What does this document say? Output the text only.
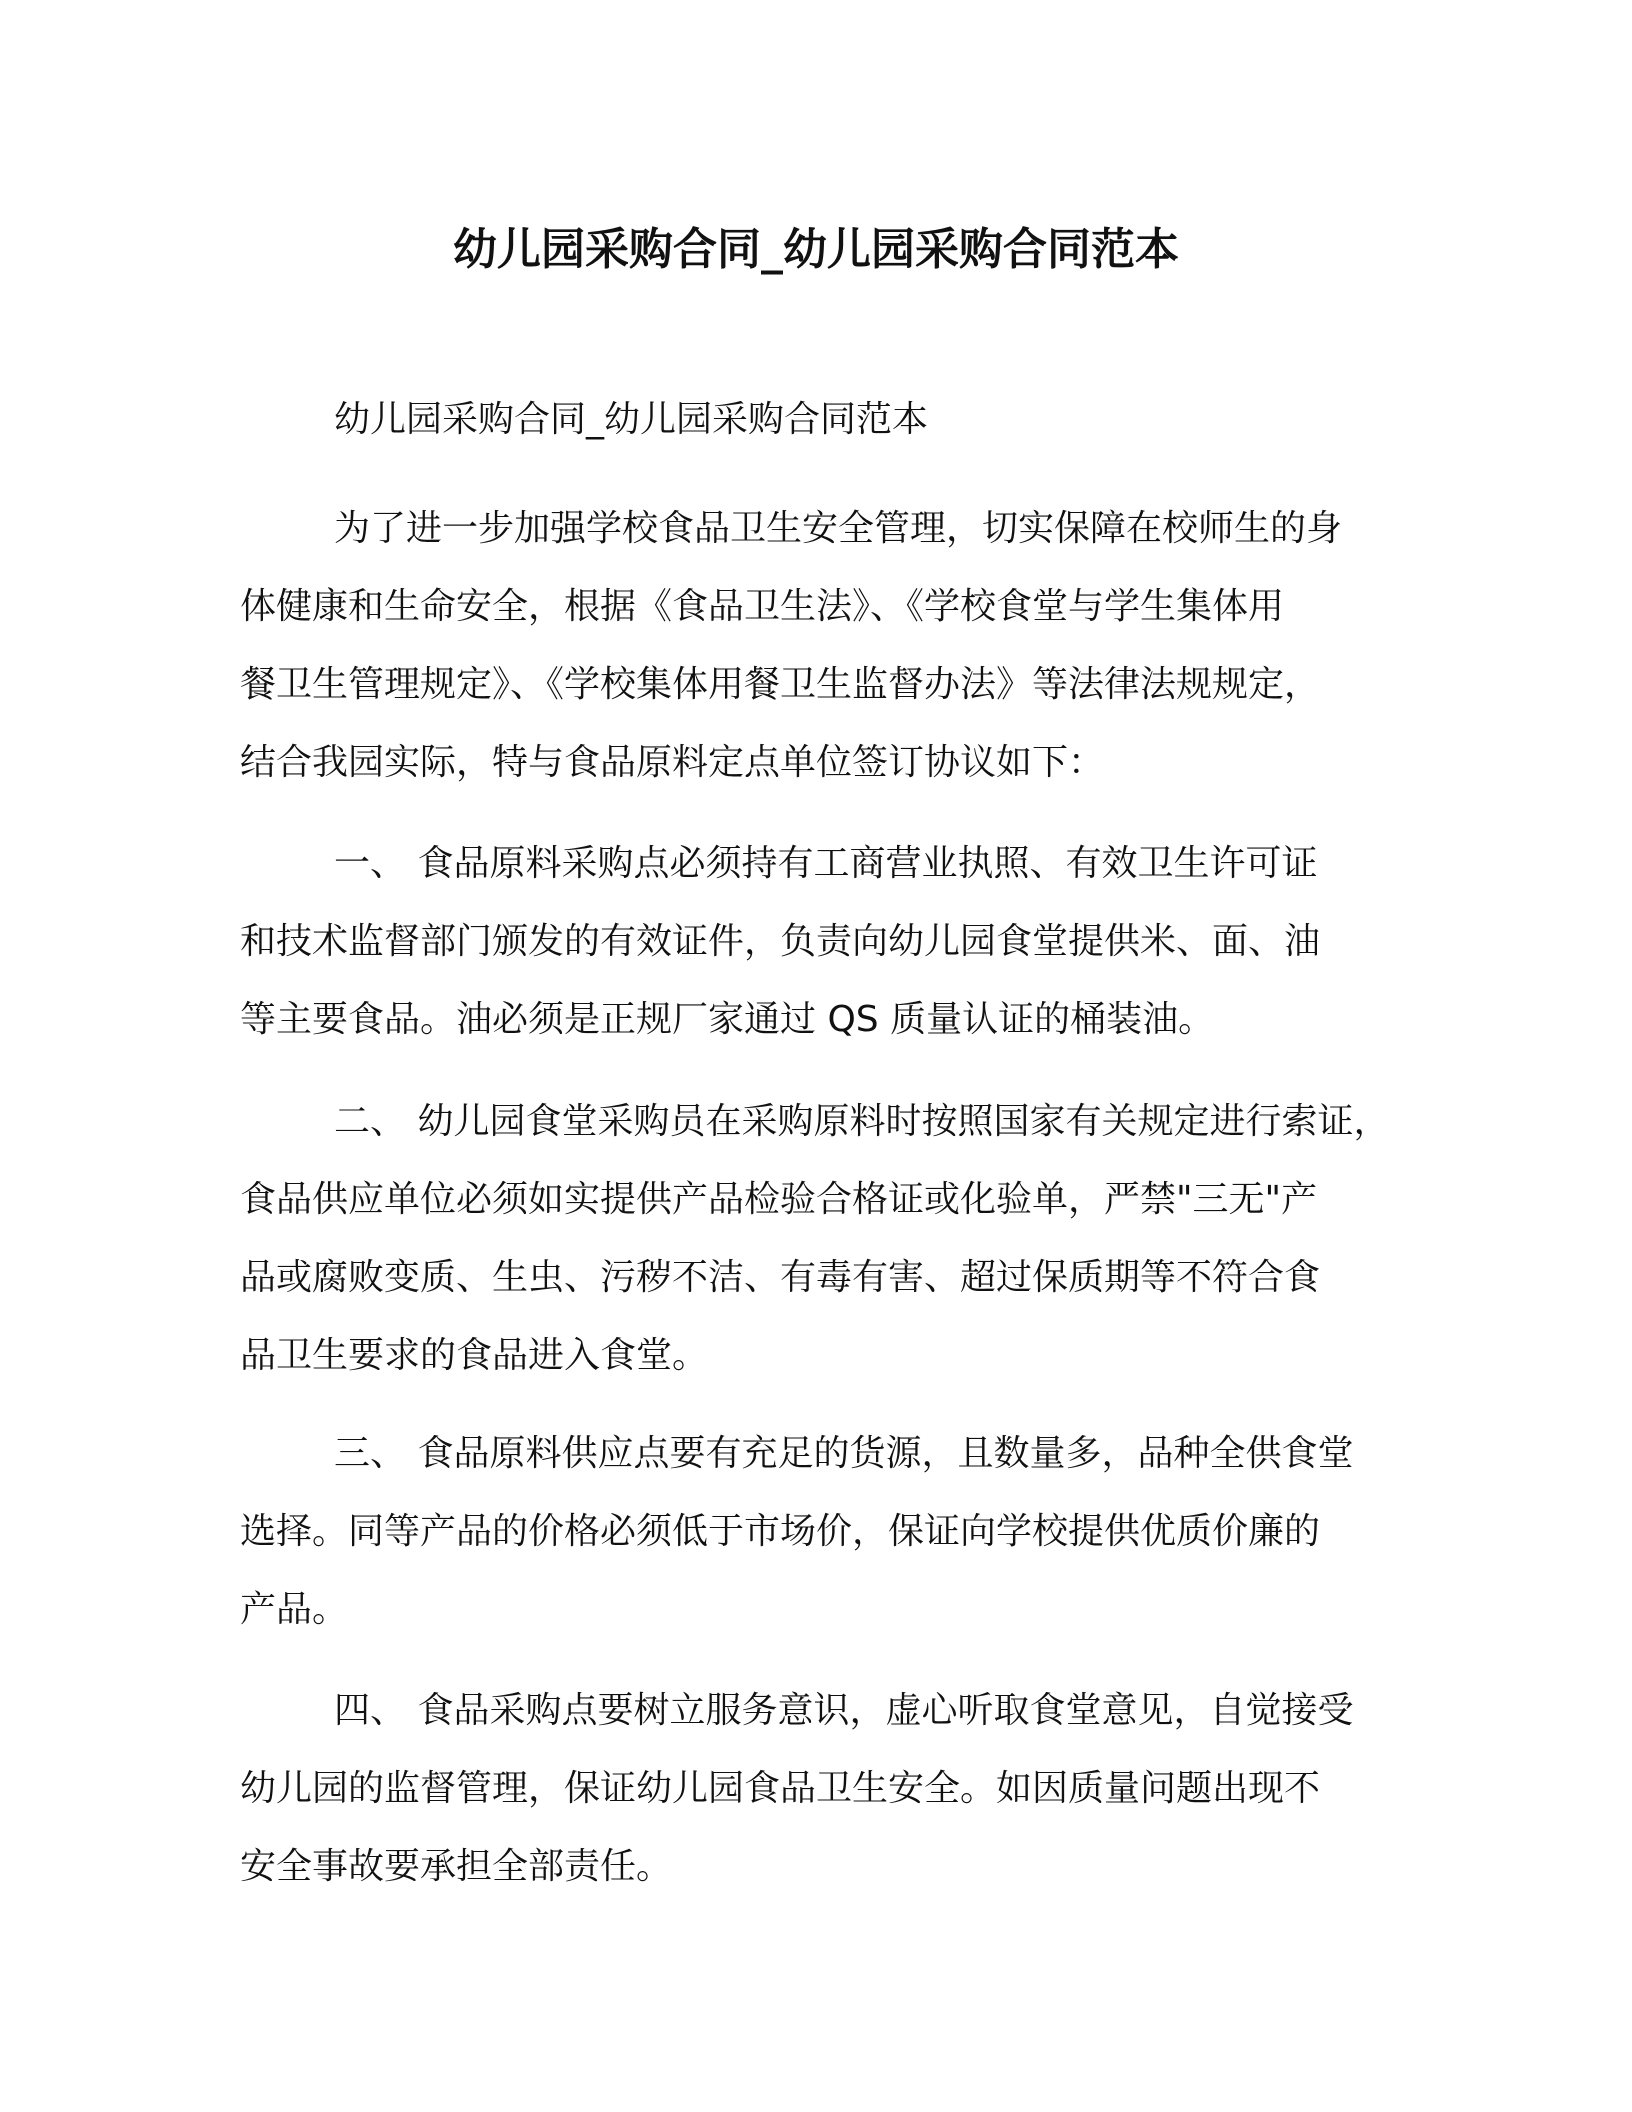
幼儿园采购合同_幼儿园采购合同范本

幼儿园采购合同_幼儿园采购合同范本

为了进一步加强学校食品卫生安全管理，切实保障在校师生的身
体健康和生命安全，根据《食品卫生法》、《学校食堂与学生集体用
餐卫生管理规定》、《学校集体用餐卫生监督办法》等法律法规规定，
结合我园实际，特与食品原料定点单位签订协议如下：

一、 食品原料采购点必须持有工商营业执照、有效卫生许可证
和技术监督部门颁发的有效证件，负责向幼儿园食堂提供米、面、油
等主要食品。油必须是正规厂家通过 QS 质量认证的桶装油。

二、 幼儿园食堂采购员在采购原料时按照国家有关规定进行索证，
食品供应单位必须如实提供产品检验合格证或化验单，严禁"三无"产
品或腐败变质、生虫、污秽不洁、有毒有害、超过保质期等不符合食
品卫生要求的食品进入食堂。

三、 食品原料供应点要有充足的货源，且数量多，品种全供食堂
选择。同等产品的价格必须低于市场价，保证向学校提供优质价廉的
产品。

四、 食品采购点要树立服务意识，虚心听取食堂意见，自觉接受
幼儿园的监督管理，保证幼儿园食品卫生安全。如因质量问题出现不
安全事故要承担全部责任。
